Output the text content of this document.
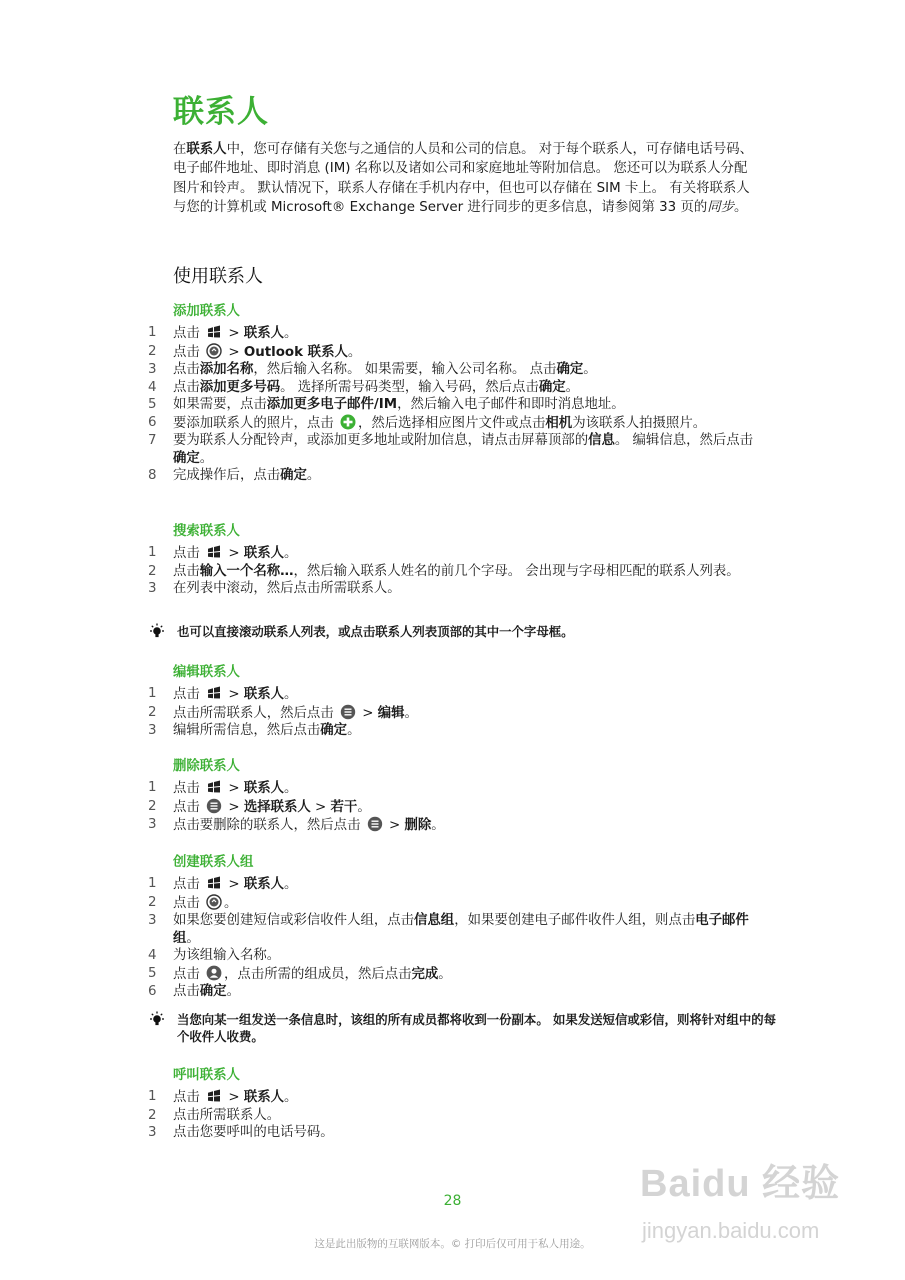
联系人

在联系人中，您可存储有关您与之通信的人员和公司的信息。 对于每个联系人，可存储电话号码、电子邮件地址、即时消息 (IM) 名称以及诸如公司和家庭地址等附加信息。 您还可以为联系人分配图片和铃声。 默认情况下，联系人存储在手机内存中，但也可以存储在 SIM 卡上。 有关将联系人与您的计算机或 Microsoft® Exchange Server 进行同步的更多信息，请参阅第 33 页的同步。

使用联系人
添加联系人

1	点击 > 联系人。

2	点击 > Outlook 联系人。

3	点击添加名称，然后输入名称。 如果需要，输入公司名称。 点击确定。

4	点击添加更多号码。 选择所需号码类型，输入号码，然后点击确定。

5	如果需要，点击添加更多电子邮件/IM，然后输入电子邮件和即时消息地址。

6	要添加联系人的照片，点击 ，然后选择相应图片文件或点击相机为该联系人拍摄照片。

7	要为联系人分配铃声，或添加更多地址或附加信息，请点击屏幕顶部的信息。 编辑信息，然后点击确定。

8	完成操作后，点击确定。

搜索联系人

1	点击 > 联系人。

2	点击输入一个名称…，然后输入联系人姓名的前几个字母。 会出现与字母相匹配的联系人列表。

3	在列表中滚动，然后点击所需联系人。

也可以直接滚动联系人列表，或点击联系人列表顶部的其中一个字母框。
编辑联系人

1	点击 > 联系人。

2	点击所需联系人，然后点击 > 编辑。

3	编辑所需信息，然后点击确定。

删除联系人

1	点击 > 联系人。

2	点击 > 选择联系人 > 若干。

3	点击要删除的联系人，然后点击 > 删除。

创建联系人组

1	点击 > 联系人。

2	点击 。

3	如果您要创建短信或彩信收件人组，点击信息组，如果要创建电子邮件收件人组，则点击电子邮件组。

4	为该组输入名称。

5	点击 ，点击所需的组成员，然后点击完成。

6	点击确定。

当您向某一组发送一条信息时，该组的所有成员都将收到一份副本。 如果发送短信或彩信，则将针对组中的每个收件人收费。
呼叫联系人

1	点击 > 联系人。

2	点击所需联系人。

3	点击您要呼叫的电话号码。

Baidu 经验
jingyan.baidu.com
28
这是此出版物的互联网版本。© 打印后仅可用于私人用途。
